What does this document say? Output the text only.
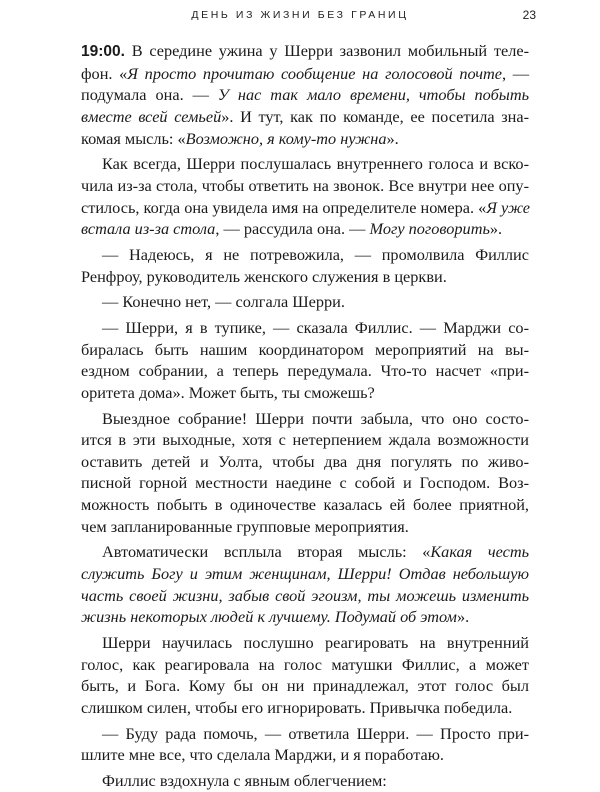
ДЕНЬ ИЗ ЖИЗНИ БЕЗ ГРАНИЦ	23
19:00. В середине ужина у Шерри зазвонил мобильный теле-
фон. «Я просто прочитаю сообщение на голосовой почте, —
подумала она. — У нас так мало времени, чтобы побыть
вместе всей семьей». И тут, как по команде, ее посетила зна-
комая мысль: «Возможно, я кому-то нужна».
Как всегда, Шерри послушалась внутреннего голоса и вско-
чила из-за стола, чтобы ответить на звонок. Все внутри нее опу-
стилось, когда она увидела имя на определителе номера. «Я уже
встала из-за стола, — рассудила она. — Могу поговорить».
— Надеюсь, я не потревожила, — промолвила Филлис
Ренфроу, руководитель женского служения в церкви.
— Конечно нет, — солгала Шерри.
— Шерри, я в тупике, — сказала Филлис. — Марджи со-
биралась быть нашим координатором мероприятий на вы-
ездном собрании, а теперь передумала. Что-то насчет «при-
оритета дома». Может быть, ты сможешь?
Выездное собрание! Шерри почти забыла, что оно состо-
ится в эти выходные, хотя с нетерпением ждала возможности
оставить детей и Уолта, чтобы два дня погулять по живо-
писной горной местности наедине с собой и Господом. Воз-
можность побыть в одиночестве казалась ей более приятной,
чем запланированные групповые мероприятия.
Автоматически всплыла вторая мысль: «Какая честь
служить Богу и этим женщинам, Шерри! Отдав небольшую
часть своей жизни, забыв свой эгоизм, ты можешь изменить
жизнь некоторых людей к лучшему. Подумай об этом».
Шерри научилась послушно реагировать на внутренний
голос, как реагировала на голос матушки Филлис, а может
быть, и Бога. Кому бы он ни принадлежал, этот голос был
слишком силен, чтобы его игнорировать. Привычка победила.
— Буду рада помочь, — ответила Шерри. — Просто при-
шлите мне все, что сделала Марджи, и я поработаю.
Филлис вздохнула с явным облегчением:
